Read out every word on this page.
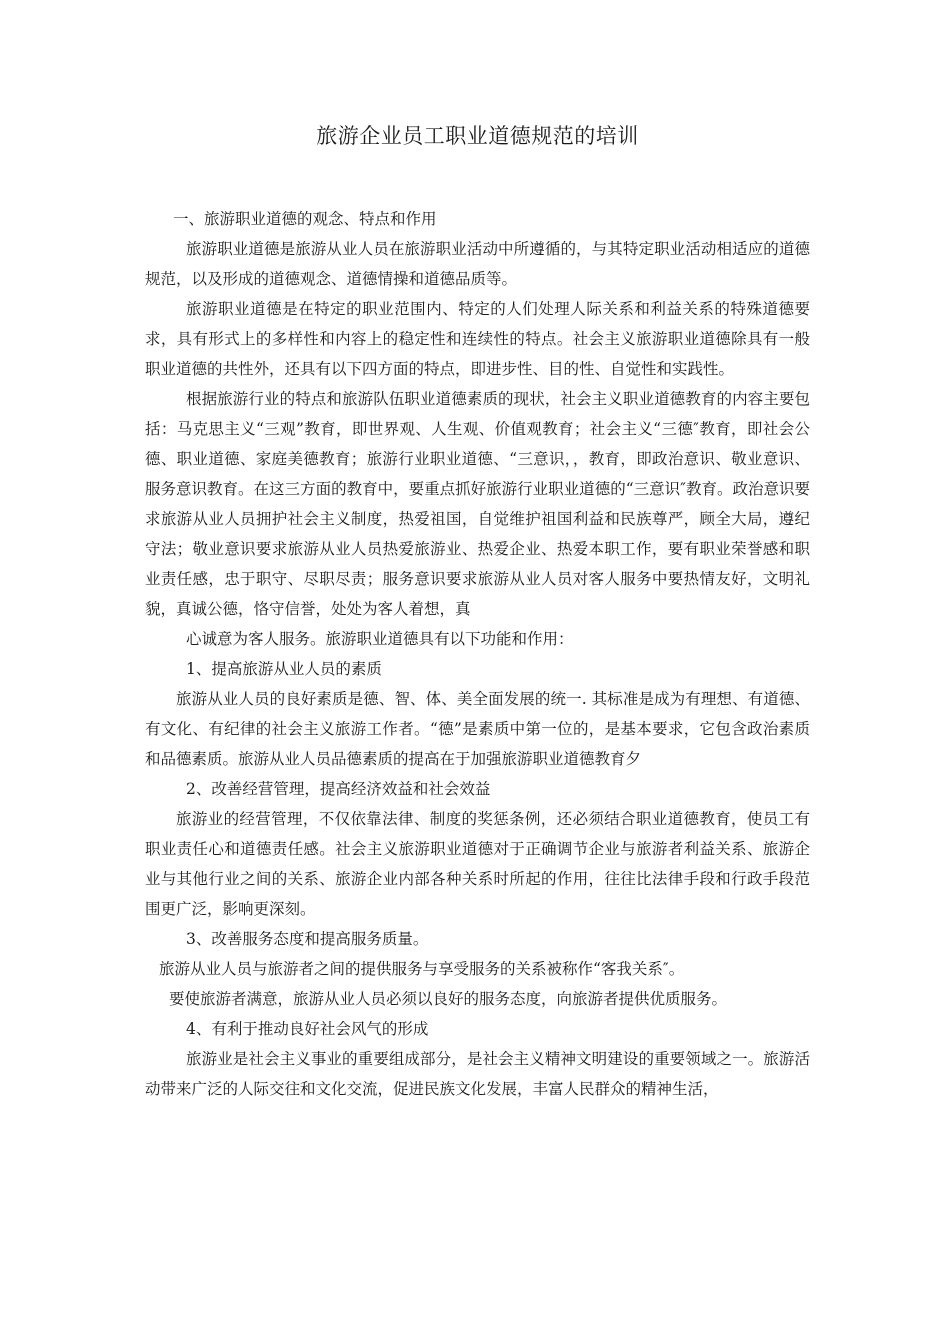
旅游企业员工职业道德规范的培训

一、旅游职业道德的观念、特点和作用

旅游职业道德是旅游从业人员在旅游职业活动中所遵循的，与其特定职业活动相适应的道德规范，以及形成的道德观念、道德情操和道德品质等。

旅游职业道德是在特定的职业范围内、特定的人们处理人际关系和利益关系的特殊道德要求，具有形式上的多样性和内容上的稳定性和连续性的特点。社会主义旅游职业道德除具有一般职业道德的共性外，还具有以下四方面的特点，即进步性、目的性、自觉性和实践性。

根据旅游行业的特点和旅游队伍职业道德素质的现状，社会主义职业道德教育的内容主要包括：马克思主义“三观”教育，即世界观、人生观、价值观教育；社会主义“三德″教育，即社会公德、职业道德、家庭美德教育；旅游行业职业道德、“三意识，，教育，即政治意识、敬业意识、服务意识教育。在这三方面的教育中，要重点抓好旅游行业职业道德的“三意识″教育。政治意识要求旅游从业人员拥护社会主义制度，热爱祖国，自觉维护祖国利益和民族尊严，顾全大局，遵纪守法；敬业意识要求旅游从业人员热爱旅游业、热爱企业、热爱本职工作，要有职业荣誉感和职业责任感，忠于职守、尽职尽责；服务意识要求旅游从业人员对客人服务中要热情友好，文明礼貌，真诚公德，恪守信誉，处处为客人着想，真

心诚意为客人服务。旅游职业道德具有以下功能和作用：

1、提高旅游从业人员的素质

旅游从业人员的良好素质是德、智、体、美全面发展的统一. 其标准是成为有理想、有道德、有文化、有纪律的社会主义旅游工作者。“德”是素质中第一位的，是基本要求，它包含政治素质和品德素质。旅游从业人员品德素质的提高在于加强旅游职业道德教育夕

2、改善经营管理，提高经济效益和社会效益

旅游业的经营管理，不仅依靠法律、制度的奖惩条例，还必须结合职业道德教育，使员工有职业责任心和道德责任感。社会主义旅游职业道德对于正确调节企业与旅游者利益关系、旅游企业与其他行业之间的关系、旅游企业内部各种关系时所起的作用，往往比法律手段和行政手段范围更广泛，影响更深刻。

3、改善服务态度和提高服务质量。

旅游从业人员与旅游者之间的提供服务与享受服务的关系被称作“客我关系″。

要使旅游者满意，旅游从业人员必须以良好的服务态度，向旅游者提供优质服务。

4、有利于推动良好社会风气的形成

旅游业是社会主义事业的重要组成部分，是社会主义精神文明建设的重要领域之一。旅游活动带来广泛的人际交往和文化交流，促进民族文化发展，丰富人民群众的精神生活，
